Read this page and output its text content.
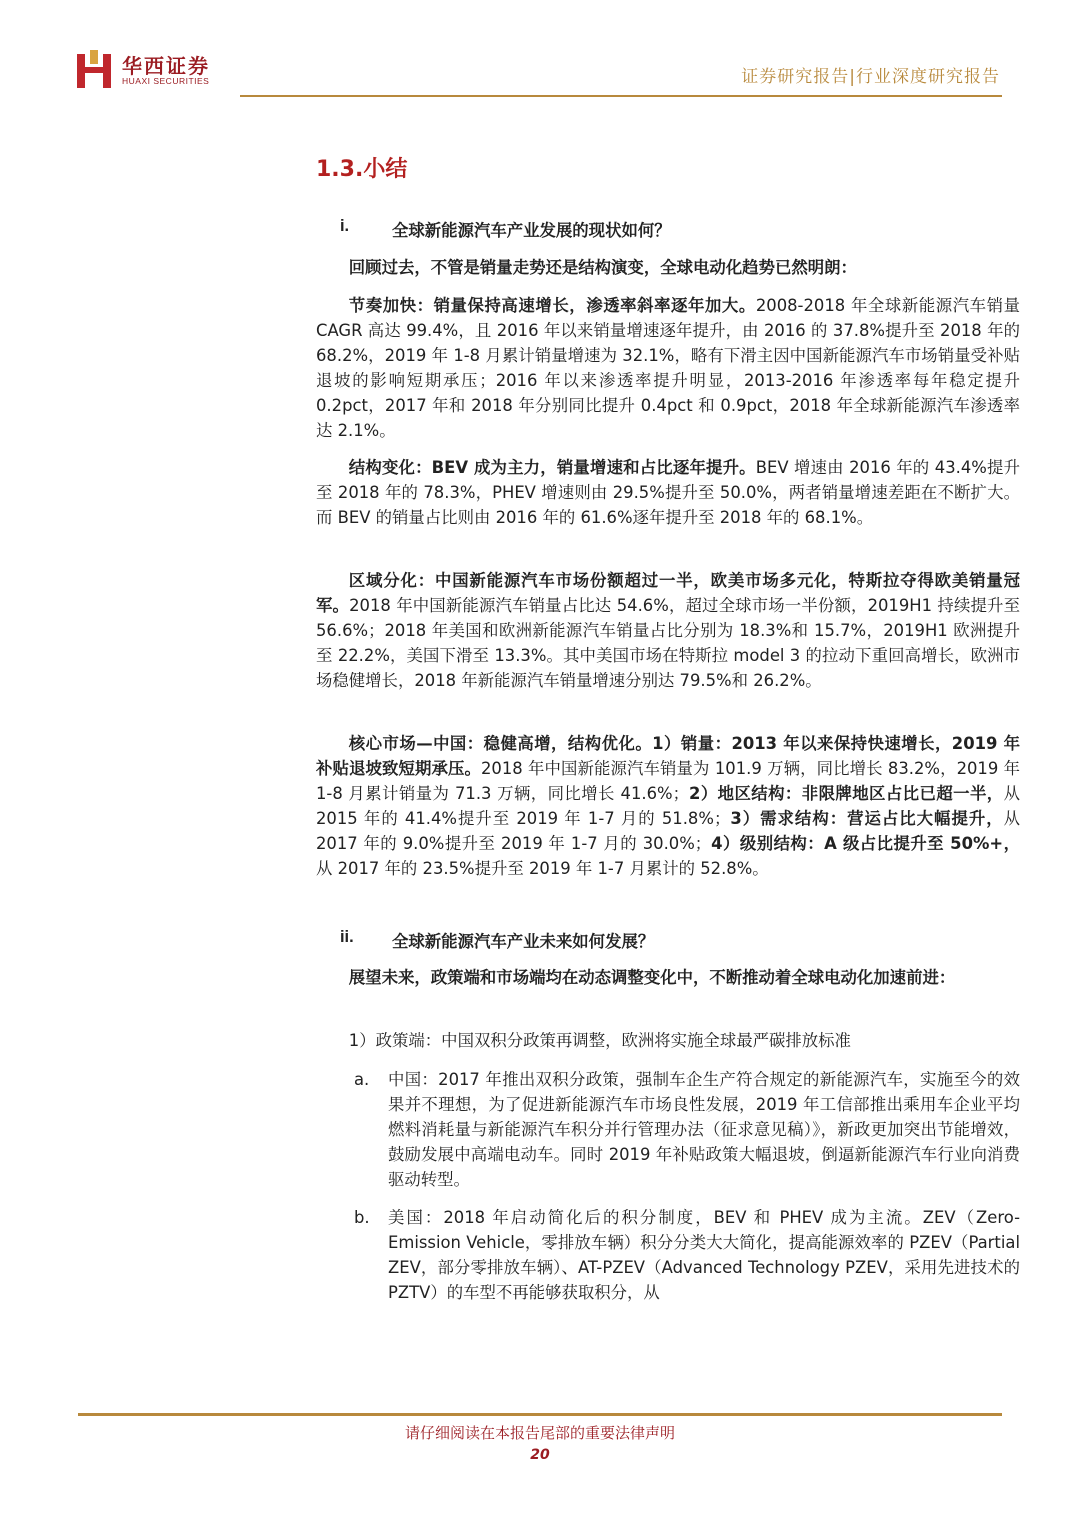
华西证券
HUAXI SECURITIES	证券研究报告|行业深度研究报告
1.3.小结
i.	全球新能源汽车产业发展的现状如何？
回顾过去，不管是销量走势还是结构演变，全球电动化趋势已然明朗：
节奏加快：销量保持高速增长，渗透率斜率逐年加大。2008-2018 年全球新能源汽车销量 CAGR 高达 99.4%，且 2016 年以来销量增速逐年提升，由 2016 的 37.8%提升至 2018 年的 68.2%，2019 年 1-8 月累计销量增速为 32.1%，略有下滑主因中国新能源汽车市场销量受补贴退坡的影响短期承压；2016 年以来渗透率提升明显，2013-2016 年渗透率每年稳定提升 0.2pct，2017 年和 2018 年分别同比提升 0.4pct 和 0.9pct，2018 年全球新能源汽车渗透率达 2.1%。
结构变化：BEV 成为主力，销量增速和占比逐年提升。BEV 增速由 2016 年的 43.4%提升至 2018 年的 78.3%，PHEV 增速则由 29.5%提升至 50.0%，两者销量增速差距在不断扩大。而 BEV 的销量占比则由 2016 年的 61.6%逐年提升至 2018 年的 68.1%。
区域分化：中国新能源汽车市场份额超过一半，欧美市场多元化，特斯拉夺得欧美销量冠军。2018 年中国新能源汽车销量占比达 54.6%，超过全球市场一半份额，2019H1 持续提升至 56.6%；2018 年美国和欧洲新能源汽车销量占比分别为 18.3%和 15.7%，2019H1 欧洲提升至 22.2%，美国下滑至 13.3%。其中美国市场在特斯拉 model 3 的拉动下重回高增长，欧洲市场稳健增长，2018 年新能源汽车销量增速分别达 79.5%和 26.2%。
核心市场—中国：稳健高增，结构优化。1）销量：2013 年以来保持快速增长，2019 年补贴退坡致短期承压。2018 年中国新能源汽车销量为 101.9 万辆，同比增长 83.2%，2019 年 1-8 月累计销量为 71.3 万辆，同比增长 41.6%；2）地区结构：非限牌地区占比已超一半，从 2015 年的 41.4%提升至 2019 年 1-7 月的 51.8%；3）需求结构：营运占比大幅提升，从 2017 年的 9.0%提升至 2019 年 1-7 月的 30.0%；4）级别结构：A 级占比提升至 50%+，从 2017 年的 23.5%提升至 2019 年 1-7 月累计的 52.8%。
ii. 全球新能源汽车产业未来如何发展？
展望未来，政策端和市场端均在动态调整变化中，不断推动着全球电动化加速前进：
1）政策端：中国双积分政策再调整，欧洲将实施全球最严碳排放标准
a. 中国：2017 年推出双积分政策，强制车企生产符合规定的新能源汽车，实施至今的效果并不理想，为了促进新能源汽车市场良性发展，2019 年工信部推出乘用车企业平均燃料消耗量与新能源汽车积分并行管理办法（征求意见稿）》，新政更加突出节能增效，鼓励发展中高端电动车。同时 2019 年补贴政策大幅退坡，倒逼新能源汽车行业向消费驱动转型。
b. 美国：2018 年启动简化后的积分制度，BEV 和 PHEV 成为主流。ZEV（Zero-Emission Vehicle，零排放车辆）积分分类大大简化，提高能源效率的 PZEV（Partial ZEV，部分零排放车辆）、AT-PZEV（Advanced Technology PZEV，采用先进技术的 PZTV）的车型不再能够获取积分，从
请仔细阅读在本报告尾部的重要法律声明
20
